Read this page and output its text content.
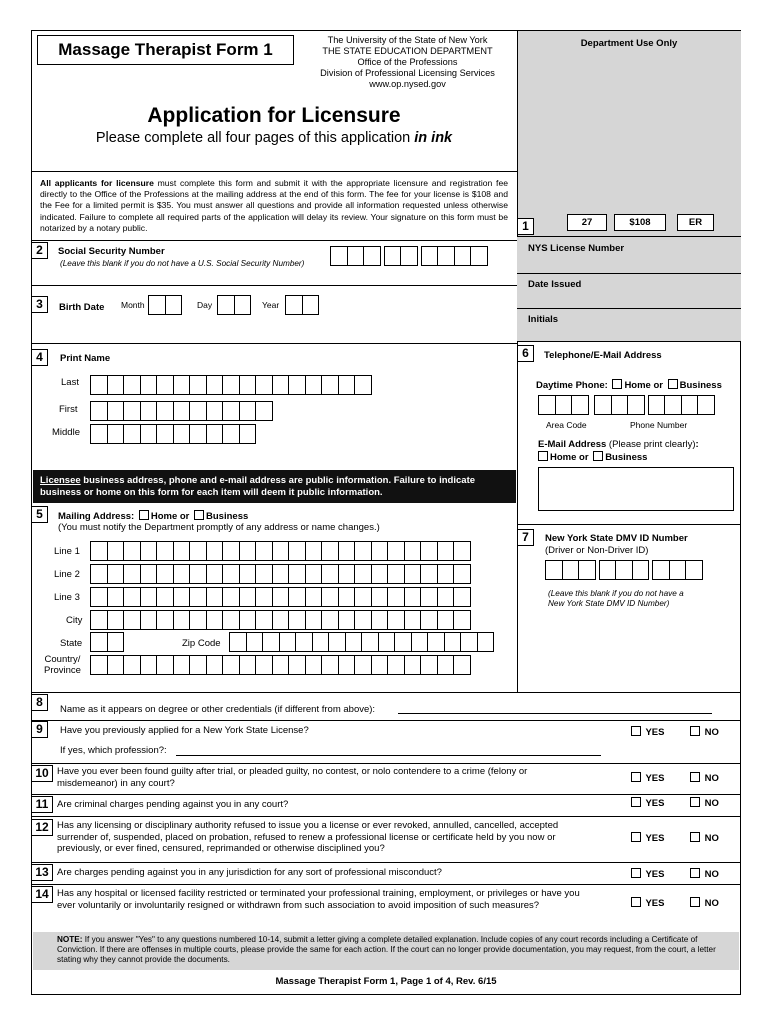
Massage Therapist Form 1	The University of the State of New York
THE STATE EDUCATION DEPARTMENT
Office of the Professions
Division of Professional Licensing Services
www.op.nysed.gov
Department Use Only
Application for Licensure
Please complete all four pages of this application in ink
All applicants for licensure must complete this form and submit it with the appropriate licensure and registration fee directly to the Office of the Professions at the mailing address at the end of this form. The fee for your license is $108 and the Fee for a limited permit is $35. You must answer all questions and provide all information requested unless otherwise indicated. Failure to complete all required parts of the application will delay its review. Your signature on this form must be notarized by a notary public.	1	27	$108	ER
NYS License Number
Date Issued
Initials
2	Social Security Number
(Leave this blank if you do not have a U.S. Social Security Number)
3	Birth Date Month	Day	Year
4	Print Name
Last
First
Middle
6	Telephone/E-Mail Address
Daytime Phone: Home or Business
Area Code	Phone Number
E-Mail Address (Please print clearly):
Home or Business
Licensee business address, phone and e-mail address are public information. Failure to indicate business or home on this form for each item will deem it public information.
5	Mailing Address: Home or Business
(You must notify the Department promptly of any address or name changes.)
Line 1
Line 2
Line 3
City
State	Zip Code
Country/
Province
7	New York State DMV ID Number
(Driver or Non-Driver ID)
(Leave this blank if you do not have a
New York State DMV ID Number)
8
Name as it appears on degree or other credentials (if different from above):
9	Have you previously applied for a New York State License?
If yes, which profession?:
YES	NO
10 Have you ever been found guilty after trial, or pleaded guilty, no contest, or nolo contendere to a crime (felony or misdemeanor) in any court?	YES	NO
11 Are criminal charges pending against you in any court?	YES	NO
12 Has any licensing or disciplinary authority refused to issue you a license or ever revoked, annulled, cancelled, accepted surrender of, suspended, placed on probation, refused to renew a professional license or certificate held by you now or previously, or ever fined, censured, reprimanded or otherwise disciplined you?
YES	NO
13 Are charges pending against you in any jurisdiction for any sort of professional misconduct?	YES	NO
14 Has any hospital or licensed facility restricted or terminated your professional training, employment, or privileges or have you ever voluntarily or involuntarily resigned or withdrawn from such association to avoid imposition of such measures?	YES	NO
NOTE: If you answer "Yes" to any questions numbered 10-14, submit a letter giving a complete detailed explanation. Include copies of any court records including a Certificate of Conviction. If there are offenses in multiple courts, please provide the same for each action. If the court can no longer provide documentation, you may request, from the court, a letter stating why they cannot provide the documents.
Massage Therapist Form 1, Page 1 of 4, Rev. 6/15
